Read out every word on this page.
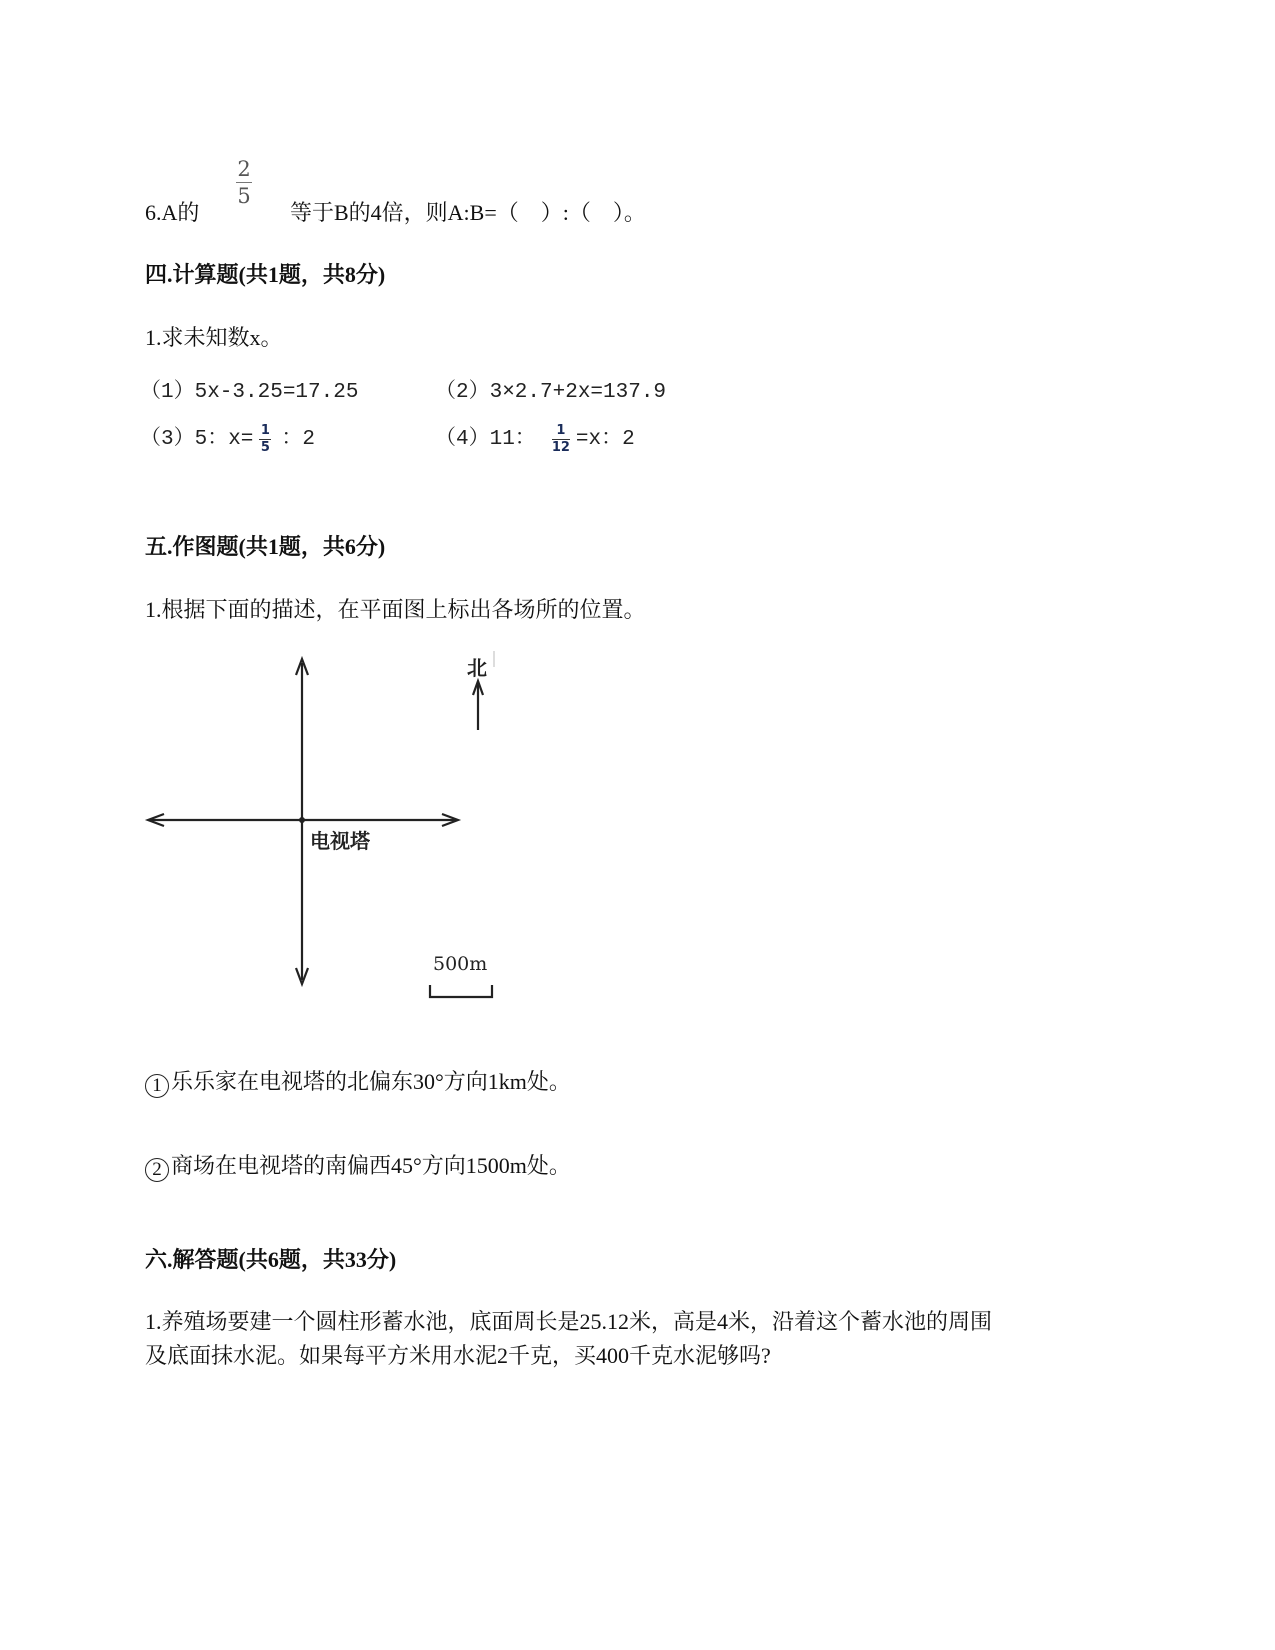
6.A的
2
5
等于B的4倍，则A:B=（　）:（　）。
四.计算题(共1题，共8分)
1.求未知数x。
（1）5x-3.25=17.25	（2）3×2.7+2x=137.9
（3）5：$x= \frac{1}{5}$ ：2	（4）11： $\frac{1}{12} =x$：2
五.作图题(共1题，共6分)
1.根据下面的描述，在平面图上标出各场所的位置。
北
电视塔
500m
1 乐乐家在电视塔的北偏东30°方向1km处。
2 商场在电视塔的南偏西45°方向1500m处。
六.解答题(共6题，共33分)
1.养殖场要建一个圆柱形蓄水池，底面周长是25.12米，高是4米，沿着这个蓄水池的周围
及底面抹水泥。如果每平方米用水泥2千克，买400千克水泥够吗?
